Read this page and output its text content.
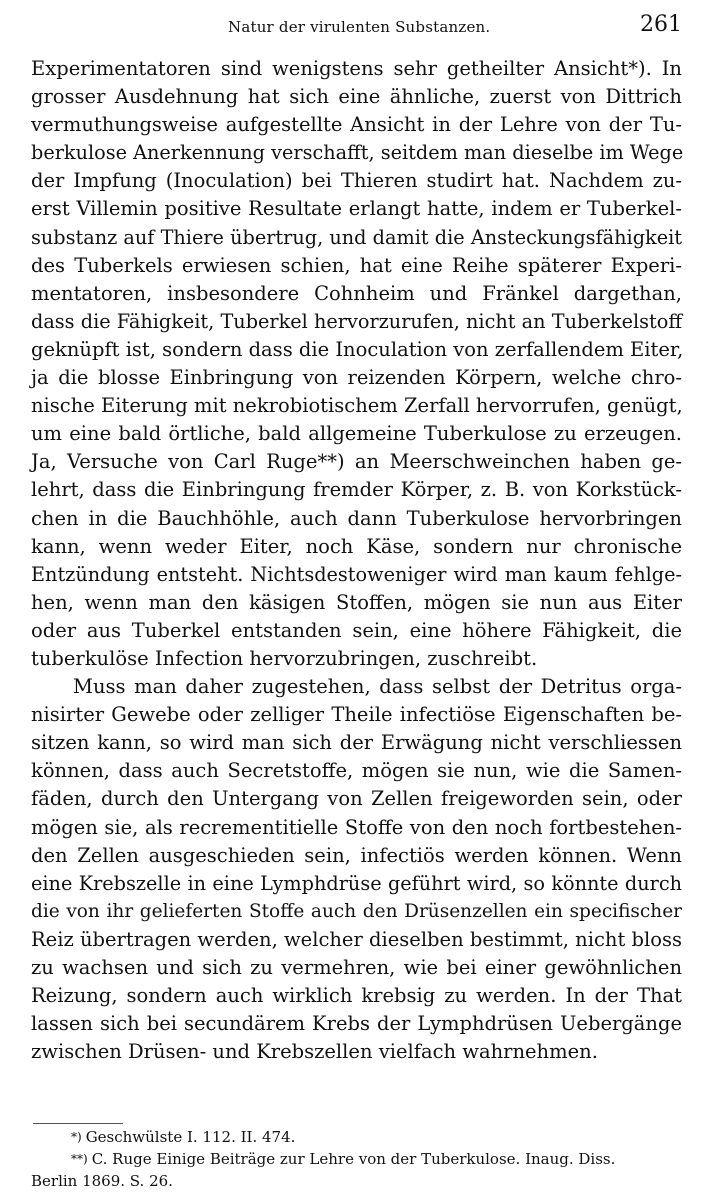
Natur der virulenten Substanzen.	261
Experimentatoren sind wenigstens sehr getheilter Ansicht*). In
grosser Ausdehnung hat sich eine ähnliche, zuerst von Dittrich
vermuthungsweise aufgestellte Ansicht in der Lehre von der Tu-
berkulose Anerkennung verschafft, seitdem man dieselbe im Wege
der Impfung (Inoculation) bei Thieren studirt hat. Nachdem zu-
erst Villemin positive Resultate erlangt hatte, indem er Tuberkel-
substanz auf Thiere übertrug, und damit die Ansteckungsfähigkeit
des Tuberkels erwiesen schien, hat eine Reihe späterer Experi-
mentatoren, insbesondere Cohnheim und Fränkel dargethan,
dass die Fähigkeit, Tuberkel hervorzurufen, nicht an Tuberkelstoff
geknüpft ist, sondern dass die Inoculation von zerfallendem Eiter,
ja die blosse Einbringung von reizenden Körpern, welche chro-
nische Eiterung mit nekrobiotischem Zerfall hervorrufen, genügt,
um eine bald örtliche, bald allgemeine Tuberkulose zu erzeugen.
Ja, Versuche von Carl Ruge**) an Meerschweinchen haben ge-
lehrt, dass die Einbringung fremder Körper, z. B. von Korkstück-
chen in die Bauchhöhle, auch dann Tuberkulose hervorbringen
kann, wenn weder Eiter, noch Käse, sondern nur chronische
Entzündung entsteht. Nichtsdestoweniger wird man kaum fehlge-
hen, wenn man den käsigen Stoffen, mögen sie nun aus Eiter
oder aus Tuberkel entstanden sein, eine höhere Fähigkeit, die
tuberkulöse Infection hervorzubringen, zuschreibt.
Muss man daher zugestehen, dass selbst der Detritus orga-
nisirter Gewebe oder zelliger Theile infectiöse Eigenschaften be-
sitzen kann, so wird man sich der Erwägung nicht verschliessen
können, dass auch Secretstoffe, mögen sie nun, wie die Samen-
fäden, durch den Untergang von Zellen freigeworden sein, oder
mögen sie, als recrementitielle Stoffe von den noch fortbestehen-
den Zellen ausgeschieden sein, infectiös werden können. Wenn
eine Krebszelle in eine Lymphdrüse geführt wird, so könnte durch
die von ihr gelieferten Stoffe auch den Drüsenzellen ein specifischer
Reiz übertragen werden, welcher dieselben bestimmt, nicht bloss
zu wachsen und sich zu vermehren, wie bei einer gewöhnlichen
Reizung, sondern auch wirklich krebsig zu werden. In der That
lassen sich bei secundärem Krebs der Lymphdrüsen Uebergänge
zwischen Drüsen- und Krebszellen vielfach wahrnehmen.
*) Geschwülste I. 112. II. 474.
**) C. Ruge Einige Beiträge zur Lehre von der Tuberkulose. Inaug. Diss.
Berlin 1869. S. 26.
